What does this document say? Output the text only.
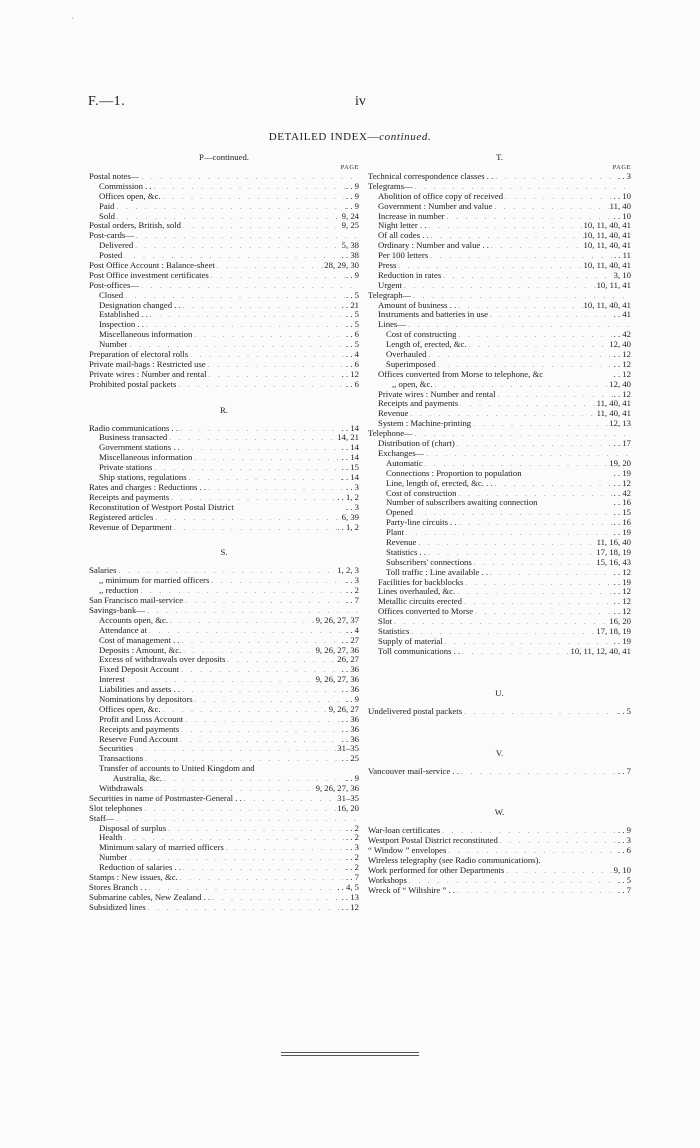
'
F.—1.	iv
DETAILED INDEX—continued.
P—continued.
PAGE
Postal notes—
. . .
Commission . . . . .	. . 9
Offices open, &c. . . .	. . 9
Paid . . .	. . 9
Sold . . .	9, 24
Postal orders, British, sold . . .	9, 25
Post-cards—
. . .
Delivered . . .	5, 38
Posted . . .	. . 38
Post Office Account : Balance-sheet . . .	28, 29, 30
Post Office investment certificates . . .	. . 9
Post-offices—
. . .
Closed . . .	. . 5
Designation changed . . . . .	. . 21
Established . . . . .	. . 5
Inspection . . . . .	. . 5
Miscellaneous information . . .	. . 6
Number . . .	. . 5
Preparation of electoral rolls . . .	. . 4
Private mail-bags : Restricted use . . .	. . 6
Private wires : Number and rental . . .	. . 12
Prohibited postal packets . . .	. . 6
R.
Radio communications . . . . .	. . 14
Business transacted . . .	14, 21
Government stations . . . . .	. . 14
Miscellaneous information . . .	. . 14
Private stations . . .	. . 15
Ship stations, regulations . . .	. . 14
Rates and charges : Reductions . . . . .	. . 3
Receipts and payments . . .	. . 1, 2
Reconstitution of Westport Postal District	. . 3
Registered articles . . .	6, 39
Revenue of Department . . .	. . 1, 2
S.
Salaries . . .	1, 2, 3
,, minimum for married officers . . .	. . 3
,, reduction . . .	. . 2
San Francisco mail-service . . .	. . 7
Savings-bank—
. . .
Accounts open, &c. . . .	9, 26, 27, 37
Attendance at . . .	. . 4
Cost of management . . . . .	. . 27
Deposits : Amount, &c. . . .	9, 26, 27, 36
Excess of withdrawals over deposits . . .	26, 27
Fixed Deposit Account . . .	. . 36
Interest . . .	9, 26, 27, 36
Liabilities and assets . . . . .	. . 36
Nominations by depositors . . .	. . 9
Offices open, &c. . . .	9, 26, 27
Profit and Loss Account . . .	. . 36
Receipts and payments . . .	. . 36
Reserve Fund Account . . .	. . 36
Securities . . .	31–35
Transactions . . .	. . 25
Transfer of accounts to United Kingdom and
Australia, &c. . . .	. . 9
Withdrawals . . .	9, 26, 27, 36
Securities in name of Postmaster-General . . . . .	31–35
Slot telephones . . .	16, 20
Staff—
. . .
Disposal of surplus . . .	. . 2
Health . . .	. . 2
Minimum salary of married officers . . .	. . 3
Number . . .	. . 2
Reduction of salaries . . . . .	. . 2
Stamps : New issues, &c. . . .	. . 7
Stores Branch . . . . .	. . 4, 5
Submarine cables, New Zealand . . . . .	. . 13
Subsidized lines . . .	. . 12
T.
PAGE
Technical correspondence classes . . . . .	. . 3
Telegrams—
. . .
Abolition of office copy of received . . .	. . 10
Government : Number and value . . .	11, 40
Increase in number . . .	. . 10
Night letter . . . . .	10, 11, 40, 41
Of all codes . . . . .	10, 11, 40, 41
Ordinary : Number and value . . . . .	10, 11, 40, 41
Per 100 letters . . .	. . 11
Press . . .	10, 11, 40, 41
Reduction in rates . . .	3, 10
Urgent . . .	10, 11, 41
Telegraph—
. . .
Amount of business . . . . .	10, 11, 40, 41
Instruments and batteries in use . . .	. . 41
Lines—
. . .
Cost of constructing . . .	. . 42
Length of, erected, &c. . . .	12, 40
Overhauled . . .	. . 12
Superimposed . . .	. . 12
Offices converted from Morse to telephone, &c	. . 12
,, open, &c. . . .	12, 40
Private wires : Number and rental . . .	. . 12
Receipts and payments . . .	11, 40, 41
Revenue . . .	11, 40, 41
System : Machine-printing . . .	12, 13
Telephone—
. . .
Distribution of (chart) . . .	. . 17
Exchanges—
. . .
Automatic . . .	19, 20
Connections : Proportion to population	. . 19
Line, length of, erected, &c. . . . . .	. . 12
Cost of construction . . .	. . 42
Number of subscribers awaiting connection	. . 16
Opened . . .	. . 15
Party-line circuits . . . . .	. . 16
Plant . . .	. . 19
Revenue . . .	11, 16, 40
Statistics . . . . .	17, 18, 19
Subscribers' connections . . .	15, 16, 43
Toll traffic : Line available . . . . .	. . 12
Facilities for backblocks . . .	. . 19
Lines overhauled, &c. . . .	. . 12
Metallic circuits erected . . .	. . 12
Offices converted to Morse . . .	. . 12
Slot . . .	16, 20
Statistics . . .	17, 18, 19
Supply of material . . .	. . 19
Toll communications . . . . .	10, 11, 12, 40, 41
U.
Undelivered postal packets . . .	. . 5
V.
Vancouver mail-service . . . . .	. . 7
W.
War-loan certificates . . .	. . 9
Westport Postal District reconstituted . . .	. . 3
“ Window ” envelopes . . .	. . 6
Wireless telegraphy (see Radio communications).
Work performed for other Departments . . .	9, 10
Workshops . . .	. . 5
Wreck of “ Wiltshire ” . . . . .	. . 7
